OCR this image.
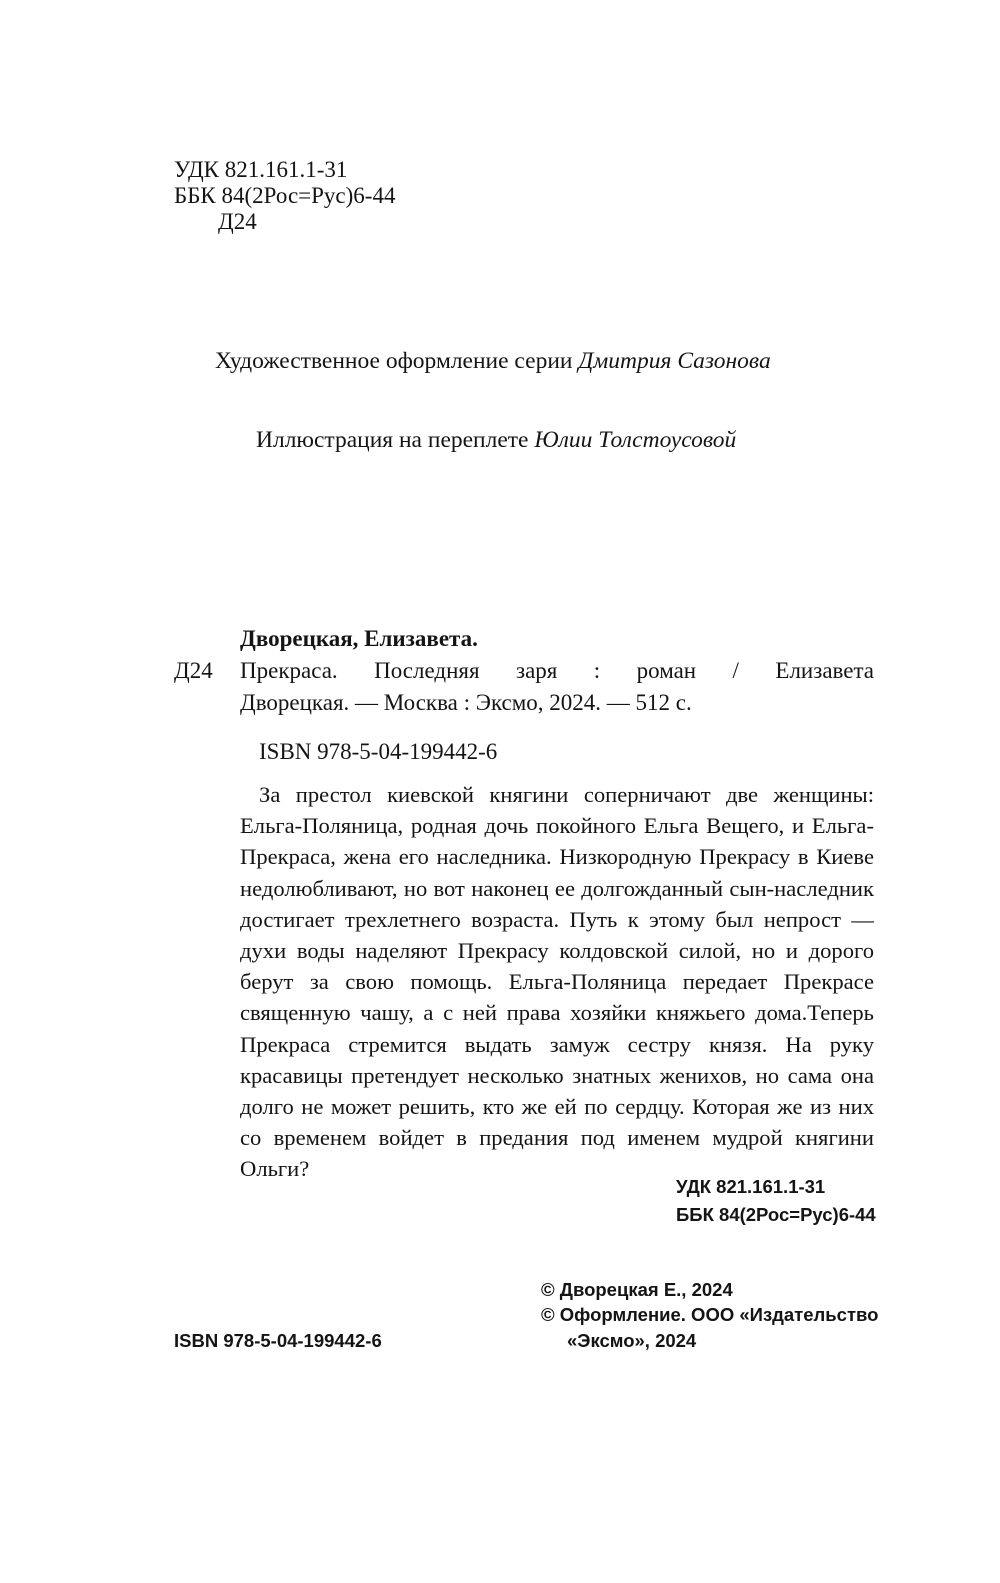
УДК 821.161.1-31
ББК 84(2Рос=Рус)6-44
Д24
Художественное оформление серии Дмитрия Сазонова
Иллюстрация на переплете Юлии Толстоусовой
Дворецкая, Елизавета.
Д24 Прекраса. Последняя заря : роман / Елизавета
Дворецкая. — Москва : Эксмо, 2024. — 512 с.
ISBN 978-5-04-199442-6

За престол киевской княгини соперничают две женщины: Ельга-Поляница, родная дочь покойного Ельга Вещего, и Ельга-Прекраса, жена его наследника. Низкородную Прекрасу в Киеве недолюбливают, но вот наконец ее долгожданный сын-наследник достигает трехлетнего возраста. Путь к этому был непрост — духи воды наделяют Прекрасу колдовской силой, но и дорого берут за свою помощь. Ельга-Поляница передает Прекрасе священную чашу, а с ней права хозяйки княжьего дома.Теперь Прекраса стремится выдать замуж сестру князя. На руку красавицы претендует несколько знатных женихов, но сама она долго не может решить, кто же ей по сердцу. Которая же из них со временем войдет в предания под именем мудрой княгини Ольги?

УДК 821.161.1-31
ББК 84(2Рос=Рус)6-44
ISBN 978-5-04-199442-6
© Дворецкая Е., 2024
© Оформление. ООО «Издательство
«Эксмо», 2024
